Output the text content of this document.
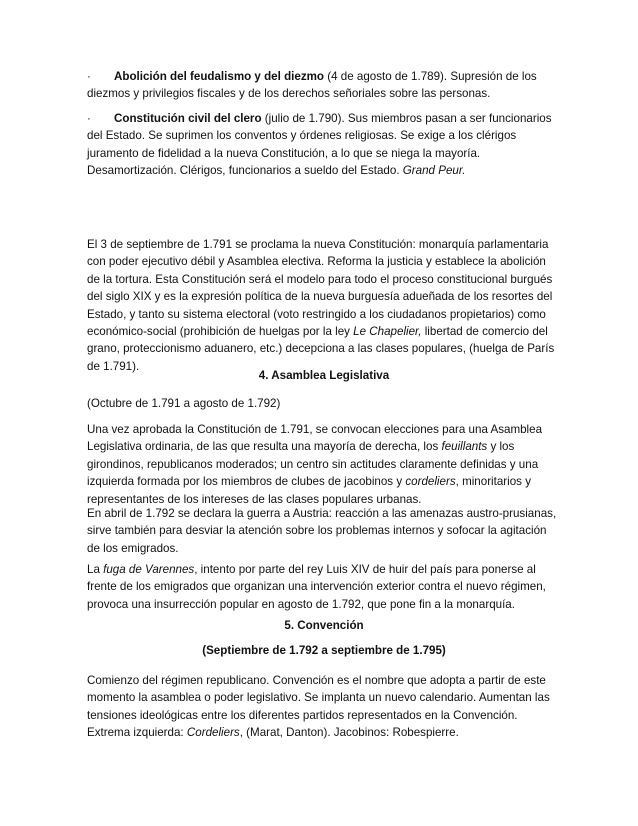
· Abolición del feudalismo y del diezmo (4 de agosto de 1.789). Supresión de los diezmos y privilegios fiscales y de los derechos señoriales sobre las personas.

· Constitución civil del clero (julio de 1.790). Sus miembros pasan a ser funcionarios del Estado. Se suprimen los conventos y órdenes religiosas. Se exige a los clérigos juramento de fidelidad a la nueva Constitución, a lo que se niega la mayoría. Desamortización. Clérigos, funcionarios a sueldo del Estado. Grand Peur.

El 3 de septiembre de 1.791 se proclama la nueva Constitución: monarquía parlamentaria con poder ejecutivo débil y Asamblea electiva. Reforma la justicia y establece la abolición de la tortura. Esta Constitución será el modelo para todo el proceso constitucional burgués del siglo XIX y es la expresión política de la nueva burguesía adueñada de los resortes del Estado, y tanto su sistema electoral (voto restringido a los ciudadanos propietarios) como económico-social (prohibición de huelgas por la ley Le Chapelier, libertad de comercio del grano, proteccionismo aduanero, etc.) decepciona a las clases populares, (huelga de París de 1.791).

4. Asamblea Legislativa

(Octubre de 1.791 a agosto de 1.792)

Una vez aprobada la Constitución de 1.791, se convocan elecciones para una Asamblea Legislativa ordinaria, de las que resulta una mayoría de derecha, los feuillants y los girondinos, republicanos moderados; un centro sin actitudes claramente definidas y una izquierda formada por los miembros de clubes de jacobinos y cordeliers, minoritarios y representantes de los intereses de las clases populares urbanas.

En abril de 1.792 se declara la guerra a Austria: reacción a las amenazas austro-prusianas, sirve también para desviar la atención sobre los problemas internos y sofocar la agitación de los emigrados.

La fuga de Varennes, intento por parte del rey Luis XIV de huir del país para ponerse al frente de los emigrados que organizan una intervención exterior contra el nuevo régimen, provoca una insurrección popular en agosto de 1.792, que pone fin a la monarquía.

5. Convención

(Septiembre de 1.792 a septiembre de 1.795)

Comienzo del régimen republicano. Convención es el nombre que adopta a partir de este momento la asamblea o poder legislativo. Se implanta un nuevo calendario. Aumentan las tensiones ideológicas entre los diferentes partidos representados en la Convención. Extrema izquierda: Cordeliers, (Marat, Danton). Jacobinos: Robespierre.
